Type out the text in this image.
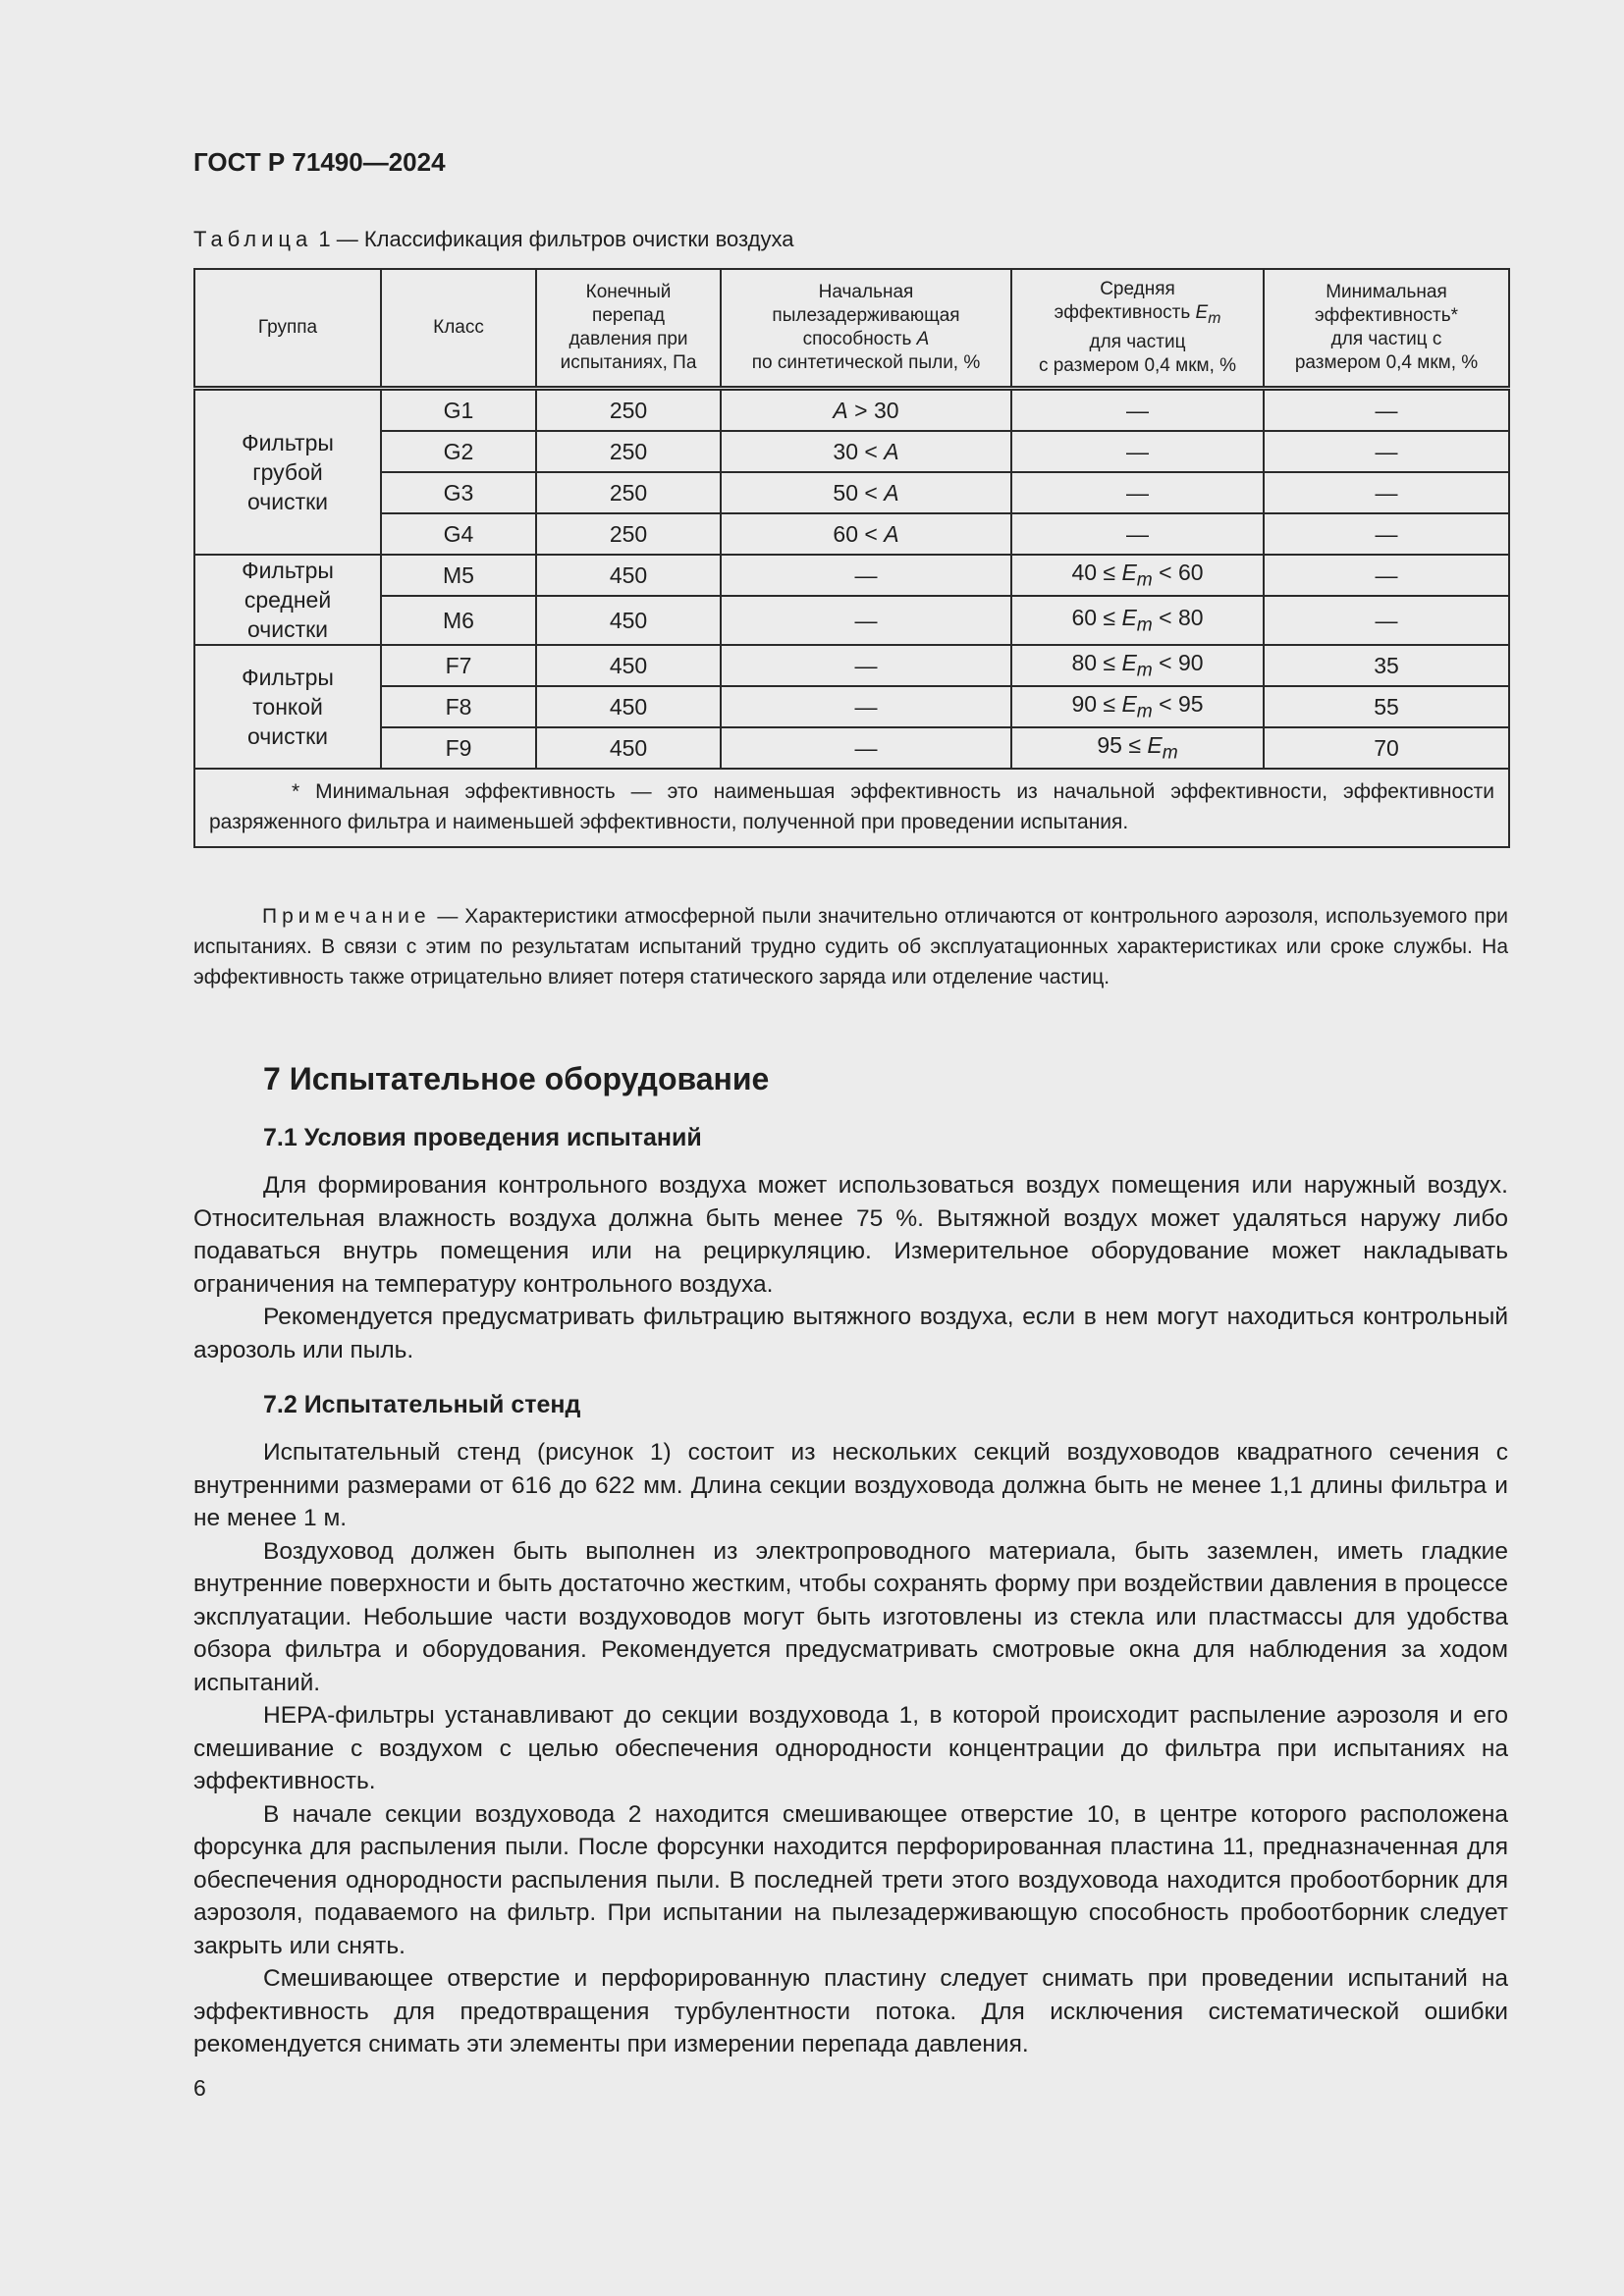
ГОСТ Р 71490—2024
Таблица 1 — Классификация фильтров очистки воздуха
Группа	Класс	Конечный
перепад
давления при
испытаниях, Па	Начальная
пылезадерживающая
способность A
по синтетической пыли, %	Средняя
эффективность $E_m$
для частиц
с размером 0,4 мкм, %	Минимальная
эффективность*
для частиц с
размером 0,4 мкм, %
Фильтры
грубой
очистки	G1	250	A > 30	—	—
	G2	250	30 < A	—	—
	G3	250	50 < A	—	—
	G4	250	60 < A	—	—
Фильтры
средней
очистки	M5	450	—	$40 \le E_m < 60$	—
	M6	450	—	$60 \le E_m < 80$	—
Фильтры
тонкой
очистки	F7	450	—	$80 \le E_m < 90$	35
	F8	450	—	$90 \le E_m < 95$	55
	F9	450	—	$95 \le E_m$	70
* Минимальная эффективность — это наименьшая эффективность из начальной эффективности, эффективности разряженного фильтра и наименьшей эффективности, полученной при проведении испытания.					
Примечание — Характеристики атмосферной пыли значительно отличаются от контрольного аэрозоля, используемого при испытаниях. В связи с этим по результатам испытаний трудно судить об эксплуатационных характеристиках или сроке службы. На эффективность также отрицательно влияет потеря статического заряда или отделение частиц.
7 Испытательное оборудование
7.1 Условия проведения испытаний

Для формирования контрольного воздуха может использоваться воздух помещения или наружный воздух. Относительная влажность воздуха должна быть менее 75 %. Вытяжной воздух может удаляться наружу либо подаваться внутрь помещения или на рециркуляцию. Измерительное оборудование может накладывать ограничения на температуру контрольного воздуха.

Рекомендуется предусматривать фильтрацию вытяжного воздуха, если в нем могут находиться контрольный аэрозоль или пыль.

7.2 Испытательный стенд

Испытательный стенд (рисунок 1) состоит из нескольких секций воздуховодов квадратного сечения с внутренними размерами от 616 до 622 мм. Длина секции воздуховода должна быть не менее 1,1 длины фильтра и не менее 1 м.

Воздуховод должен быть выполнен из электропроводного материала, быть заземлен, иметь гладкие внутренние поверхности и быть достаточно жестким, чтобы сохранять форму при воздействии давления в процессе эксплуатации. Небольшие части воздуховодов могут быть изготовлены из стекла или пластмассы для удобства обзора фильтра и оборудования. Рекомендуется предусматривать смотровые окна для наблюдения за ходом испытаний.

НЕРА-фильтры устанавливают до секции воздуховода 1, в которой происходит распыление аэрозоля и его смешивание с воздухом с целью обеспечения однородности концентрации до фильтра при испытаниях на эффективность.

В начале секции воздуховода 2 находится смешивающее отверстие 10, в центре которого расположена форсунка для распыления пыли. После форсунки находится перфорированная пластина 11, предназначенная для обеспечения однородности распыления пыли. В последней трети этого воздуховода находится пробоотборник для аэрозоля, подаваемого на фильтр. При испытании на пылезадерживающую способность пробоотборник следует закрыть или снять.

Смешивающее отверстие и перфорированную пластину следует снимать при проведении испытаний на эффективность для предотвращения турбулентности потока. Для исключения систематической ошибки рекомендуется снимать эти элементы при измерении перепада давления.

6
